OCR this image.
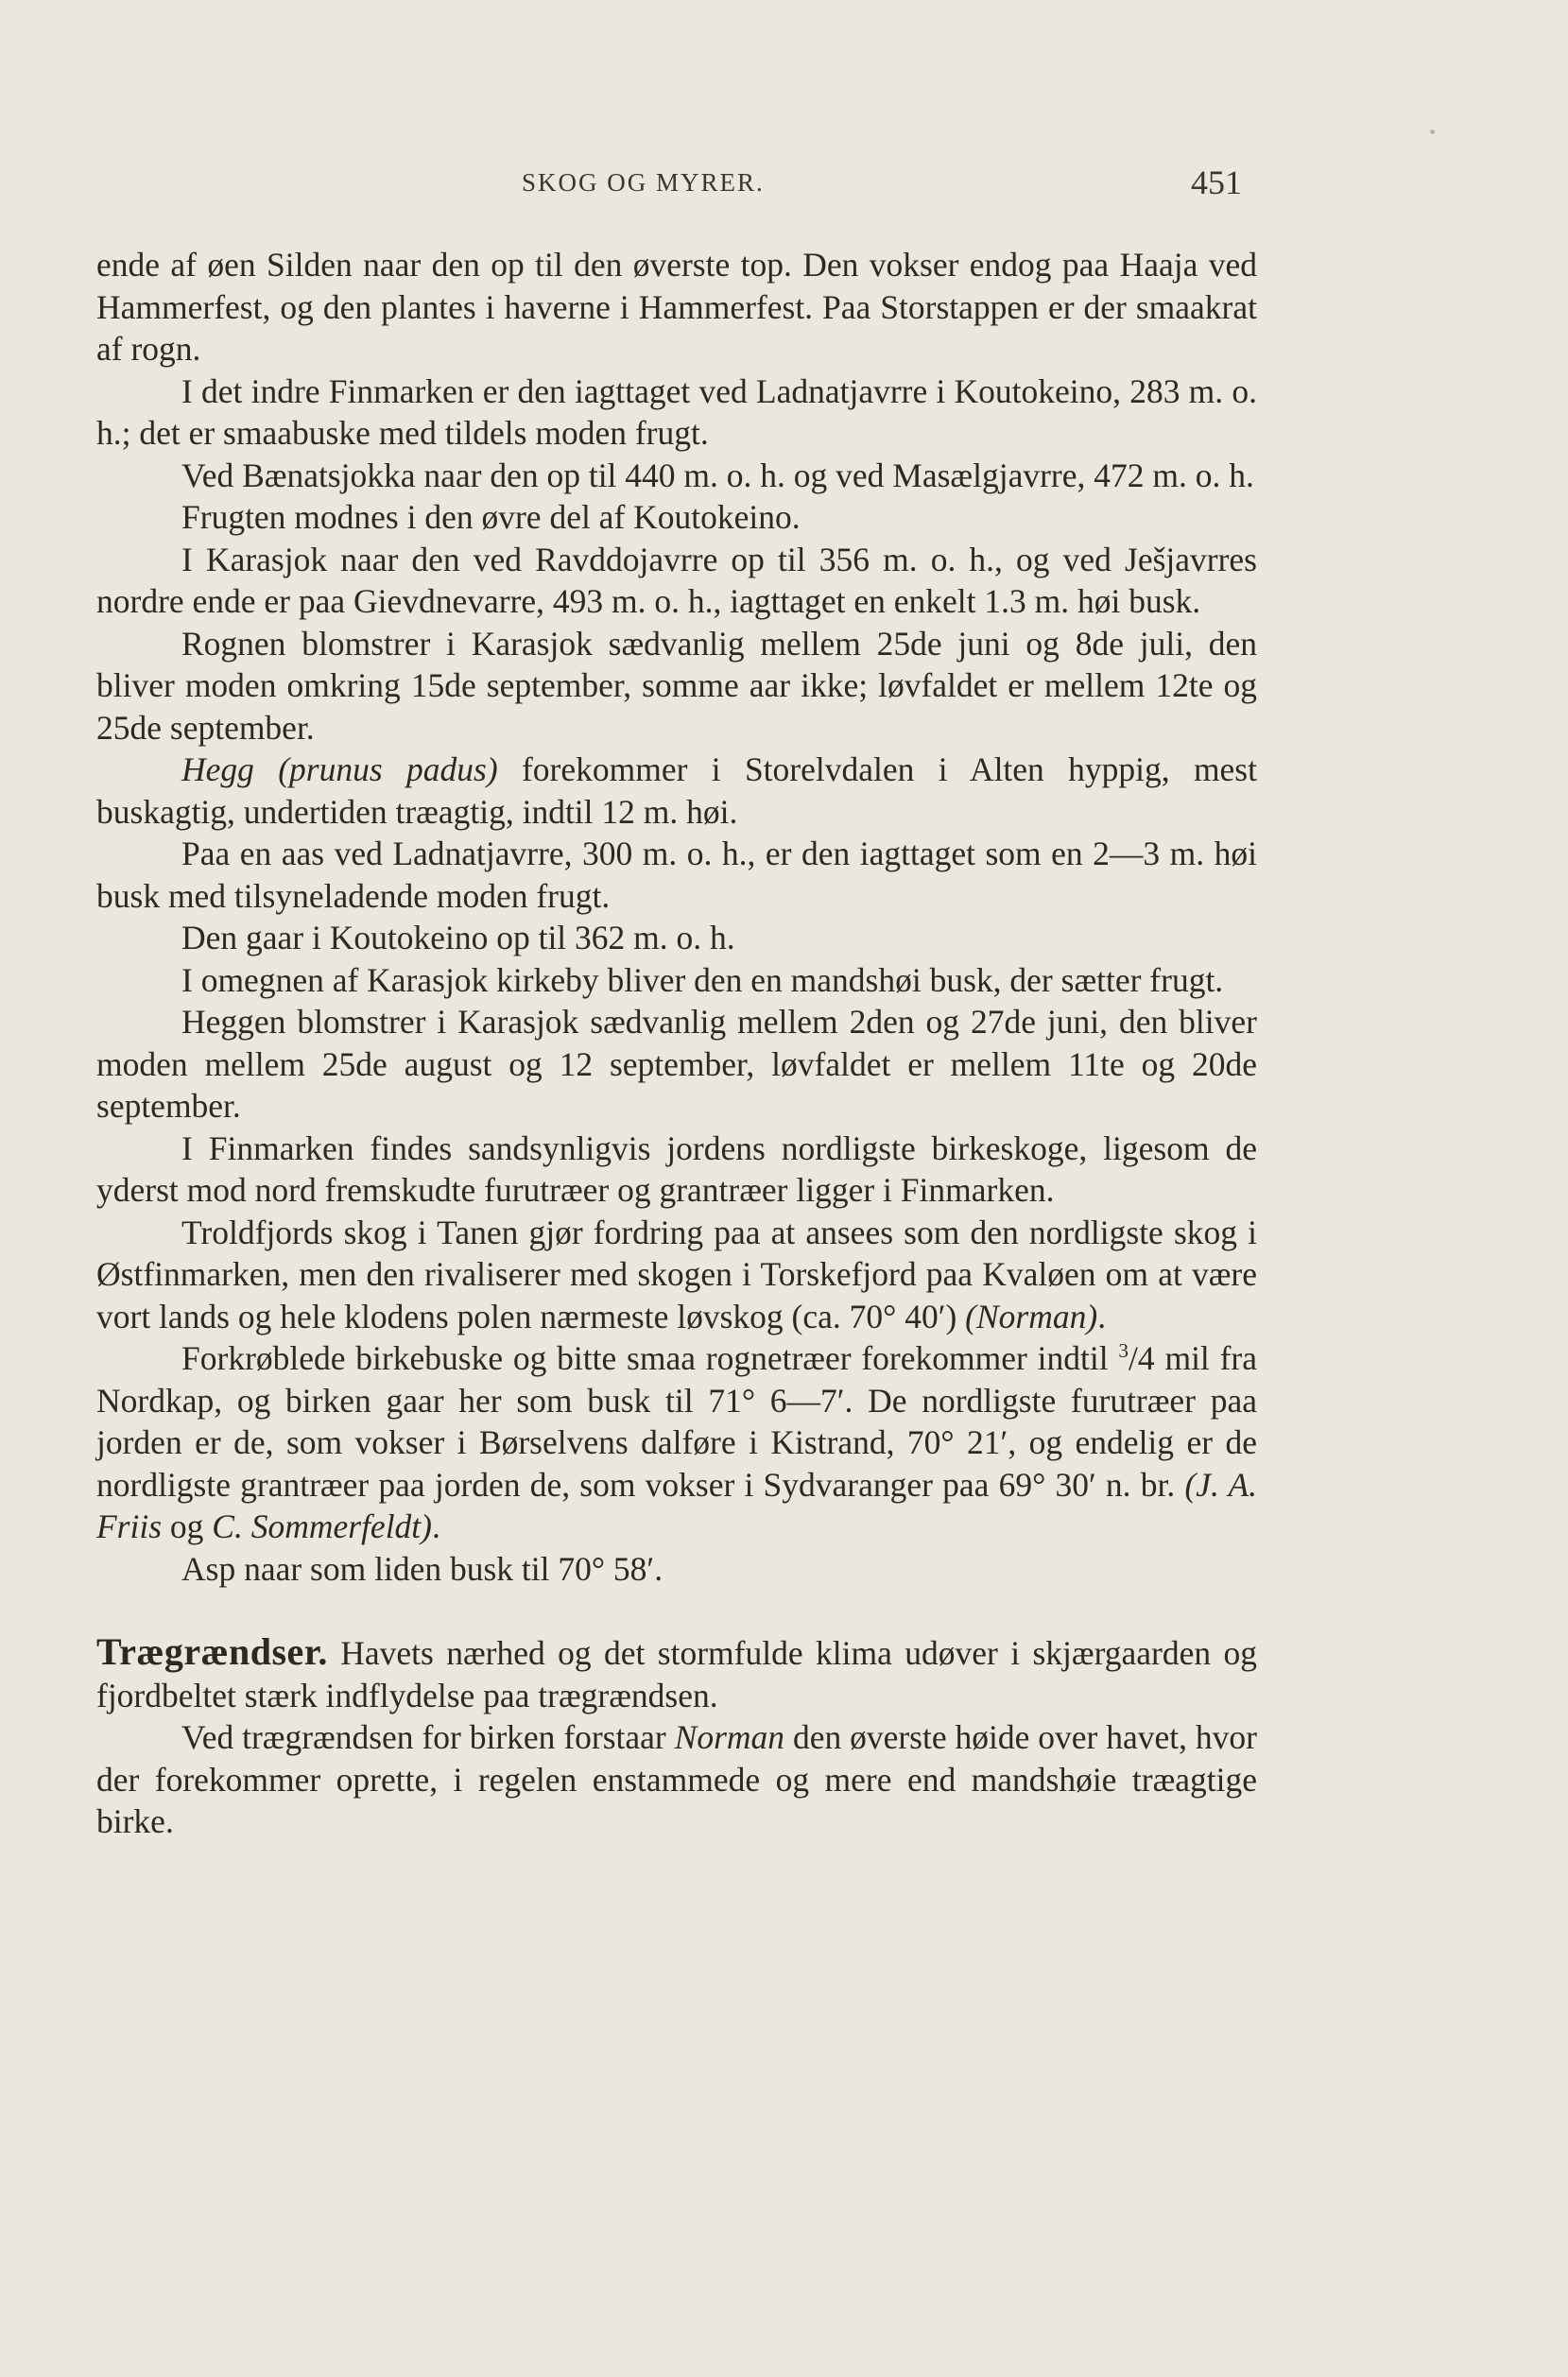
SKOG OG MYRER.	451

ende af øen Silden naar den op til den øverste top. Den vokser endog paa Haaja ved Hammerfest, og den plantes i haverne i Hammerfest. Paa Storstappen er der smaakrat af rogn.

I det indre Finmarken er den iagttaget ved Ladnatjavrre i Koutokeino, 283 m. o. h.; det er smaabuske med tildels moden frugt.

Ved Bænatsjokka naar den op til 440 m. o. h. og ved Masælgjavrre, 472 m. o. h.

Frugten modnes i den øvre del af Koutokeino.

I Karasjok naar den ved Ravddojavrre op til 356 m. o. h., og ved Ješjavrres nordre ende er paa Gievdnevarre, 493 m. o. h., iagttaget en enkelt 1.3 m. høi busk.

Rognen blomstrer i Karasjok sædvanlig mellem 25de juni og 8de juli, den bliver moden omkring 15de september, somme aar ikke; løvfaldet er mellem 12te og 25de september.

Hegg (prunus padus) forekommer i Storelvdalen i Alten hyppig, mest buskagtig, undertiden træagtig, indtil 12 m. høi.

Paa en aas ved Ladnatjavrre, 300 m. o. h., er den iagttaget som en 2—3 m. høi busk med tilsyneladende moden frugt.

Den gaar i Koutokeino op til 362 m. o. h.

I omegnen af Karasjok kirkeby bliver den en mandshøi busk, der sætter frugt.

Heggen blomstrer i Karasjok sædvanlig mellem 2den og 27de juni, den bliver moden mellem 25de august og 12 september, løvfaldet er mellem 11te og 20de september.

I Finmarken findes sandsynligvis jordens nordligste birkeskoge, ligesom de yderst mod nord fremskudte furutræer og grantræer ligger i Finmarken.

Troldfjords skog i Tanen gjør fordring paa at ansees som den nordligste skog i Østfinmarken, men den rivaliserer med skogen i Torskefjord paa Kvaløen om at være vort lands og hele klodens polen nærmeste løvskog (ca. 70° 40′) (Norman).

Forkrøblede birkebuske og bitte smaa rognetræer forekommer indtil $^3$/4 mil fra Nordkap, og birken gaar her som busk til 71° 6—7′. De nordligste furutræer paa jorden er de, som vokser i Børselvens dalføre i Kistrand, 70° 21′, og endelig er de nordligste grantræer paa jorden de, som vokser i Sydvaranger paa 69° 30′ n. br. (J. A. Friis og C. Sommerfeldt).

Asp naar som liden busk til 70° 58′.

Trægrændser. Havets nærhed og det stormfulde klima udøver i skjærgaarden og fjordbeltet stærk indflydelse paa trægrændsen.

Ved trægrændsen for birken forstaar Norman den øverste høide over havet, hvor der forekommer oprette, i regelen enstammede og mere end mandshøie træagtige birke.
